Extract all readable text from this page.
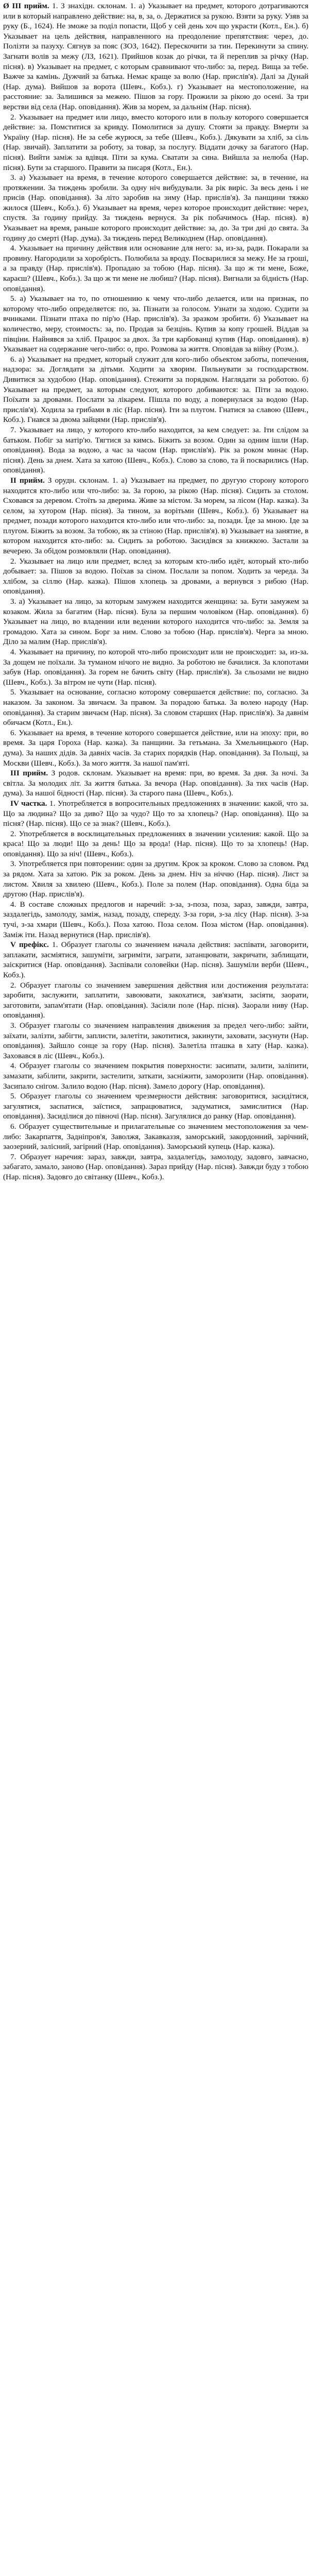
Ø III прийм. 1. З знахідн. склонам. 1. а) Указывает на предмет, которого дотрагиваются или в который направлено действие: на, в, за, о. Держатися за рукою. Взяти за руку. Узяв за руку (Б., 1624). Не зможе за поділ попасти, Щоб у сей день хоч що украсти (Котл., Ен.). б) Указывает на цель действия, направленного на преодоление препятствия: через, до. Полізти за пазуху. Сягнув за пояс (ЗОЗ, 1642). Перескочити за тин. Перекинути за спину. Загнати волів за межу (ЛЗ, 1621). Прийшов козак до річки, та й переплив за річку (Нар. пісня). в) Указывает на предмет, с которым сравнивают что-либо: за, перед. Вища за тебе. Важче за камінь. Дужчий за батька. Немає краще за волю (Нар. прислів'я). Далі за Дунай (Нар. дума). Вийшов за ворота (Шевч., Кобз.). г) Указывает на местоположение, на расстояние: за. Залишився за межею. Пішов за гору. Прожили за рікою до осені. За три верстви від села (Нар. оповідання). Жив за морем, за дальнім (Нар. пісня).

2. Указывает на предмет или лицо, вместо которого или в пользу которого совершается действие: за. Помститися за кривду. Помолитися за душу. Стояти за правду. Вмерти за Україну (Нар. пісня). Не за себе журюся, за тебе (Шевч., Кобз.). Дякувати за хліб, за сіль (Нар. звичай). Заплатити за роботу, за товар, за послугу. Віддати дочку за багатого (Нар. пісня). Вийти заміж за вдівця. Піти за кума. Сватати за сина. Вийшла за нелюба (Нар. пісня). Бути за старшого. Правити за писаря (Котл., Ен.).

3. а) Указывает на время, в течение которого совершается действие: за, в течение, на протяжении. За тиждень зробили. За одну ніч вибудували. За рік виріс. За весь день і не присів (Нар. оповідання). За літо заробив на зиму (Нар. прислів'я). За панщини тяжко жилося (Шевч., Кобз.). б) Указывает на время, через которое происходит действие: через, спустя. За годину прийду. За тиждень вернуся. За рік побачимось (Нар. пісня). в) Указывает на время, раньше которого происходит действие: за, до. За три дні до свята. За годину до смерті (Нар. дума). За тиждень перед Великоднем (Нар. оповідання).

4. Указывает на причину действия или основание для него: за, из-за, ради. Покарали за провину. Нагородили за хоробрість. Полюбила за вроду. Посварилися за межу. Не за гроші, а за правду (Нар. прислів'я). Пропадаю за тобою (Нар. пісня). За що ж ти мене, Боже, караєш? (Шевч., Кобз.). За що ж ти мене не любиш? (Нар. пісня). Вигнали за бідність (Нар. оповідання).

5. а) Указывает на то, по отношению к чему что-либо делается, или на признак, по которому что-либо определяется: по, за. Пізнати за голосом. Узнати за ходою. Судити за вчинками. Пізнати птаха по пір'ю (Нар. прислів'я). За зразком зробити. б) Указывает на количество, меру, стоимость: за, по. Продав за безцінь. Купив за копу грошей. Віддав за півціни. Найнявся за хліб. Працює за двох. За три карбованці купив (Нар. оповідання). в) Указывает на содержание чего-либо: о, про. Розмова за життя. Оповідав за війну (Розм.).

6. а) Указывает на предмет, который служит для кого-либо объектом заботы, попечения, надзора: за. Доглядати за дітьми. Ходити за хворим. Пильнувати за господарством. Дивитися за худобою (Нар. оповідання). Стежити за порядком. Наглядати за роботою. б) Указывает на предмет, за которым следуют, которого добиваются: за. Піти за водою. Поїхати за дровами. Послати за лікарем. Пішла по воду, а повернулася за водою (Нар. прислів'я). Ходила за грибами в ліс (Нар. пісня). Іти за плугом. Гнатися за славою (Шевч., Кобз.). Гнався за двома зайцями (Нар. прислів'я).

7. Указывает на лицо, у которого кто-либо находится, за кем следует: за. Іти слідом за батьком. Побіг за матір'ю. Тягтися за кимсь. Біжить за возом. Один за одним ішли (Нар. оповідання). Вода за водою, а час за часом (Нар. прислів'я). Рік за роком минає (Нар. пісня). День за днем. Хата за хатою (Шевч., Кобз.). Слово за слово, та й посварились (Нар. оповідання).

II прийм. З орудн. склонам. 1. а) Указывает на предмет, по другую сторону которого находится кто-либо или что-либо: за. За горою, за рікою (Нар. пісня). Сидить за столом. Сховався за деревом. Стоїть за дверима. Живе за містом. За морем, за лісом (Нар. казка). За селом, за хутором (Нар. пісня). За тином, за ворітьми (Шевч., Кобз.). б) Указывает на предмет, позади которого находится кто-либо или что-либо: за, позади. Їде за мною. Іде за плугом. Біжить за возом. За тобою, як за стіною (Нар. прислів'я). в) Указывает на занятие, в котором находится кто-либо: за. Сидить за роботою. Засидівся за книжкою. Застали за вечерею. За обідом розмовляли (Нар. оповідання).

2. Указывает на лицо или предмет, вслед за которым кто-либо идёт, который кто-либо добывает: за. Пішов за водою. Поїхав за сіном. Послали за попом. Ходить за череда. За хлібом, за сіллю (Нар. казка). Пішов хлопець за дровами, а вернувся з рибою (Нар. оповідання).

3. а) Указывает на лицо, за которым замужем находится женщина: за. Бути замужем за козаком. Жила за багатим (Нар. пісня). Була за першим чоловіком (Нар. оповідання). б) Указывает на лицо, во владении или ведении которого находится что-либо: за. Земля за громадою. Хата за сином. Борг за ним. Слово за тобою (Нар. прислів'я). Черга за мною. Діло за малим (Нар. прислів'я).

4. Указывает на причину, по которой что-либо происходит или не происходит: за, из-за. За дощем не поїхали. За туманом нічого не видно. За роботою не бачилися. За клопотами забув (Нар. оповідання). За горем не бачить світу (Нар. прислів'я). За сльозами не видно (Шевч., Кобз.). За вітром не чути (Нар. пісня).

5. Указывает на основание, согласно которому совершается действие: по, согласно. За наказом. За законом. За звичаєм. За правом. За порадою батька. За волею народу (Нар. оповідання). За старим звичаєм (Нар. пісня). За словом старших (Нар. прислів'я). За давнім обичаєм (Котл., Ен.).

6. Указывает на время, в течение которого совершается действие, или на эпоху: при, во время. За царя Гороха (Нар. казка). За панщини. За гетьмана. За Хмельницького (Нар. дума). За наших дідів. За давніх часів. За старих порядків (Нар. оповідання). За Польщі, за Москви (Шевч., Кобз.). За мого життя. За нашої пам'яті.

III прийм. З родов. склонам. Указывает на время: при, во время. За дня. За ночі. За світла. За молодих літ. За життя батька. За вечора (Нар. оповідання). За тих часів (Нар. дума). За нашої бідності (Нар. пісня). За старого пана (Шевч., Кобз.).

IV частка. 1. Употребляется в вопросительных предложениях в значении: какой, что за. Що за людина? Що за диво? Що за чудо? Що то за хлопець? (Нар. оповідання). Що за пісня? (Нар. пісня). Що се за знак? (Шевч., Кобз.).

2. Употребляется в восклицательных предложениях в значении усиления: какой. Що за краса! Що за люди! Що за день! Що за врода! (Нар. пісня). Що то за хлопець! (Нар. оповідання). Що за ніч! (Шевч., Кобз.).

3. Употребляется при повторении: один за другим. Крок за кроком. Слово за словом. Ряд за рядом. Хата за хатою. Рік за роком. День за днем. Ніч за ніччю (Нар. пісня). Лист за листом. Хвиля за хвилею (Шевч., Кобз.). Поле за полем (Нар. оповідання). Одна біда за другою (Нар. прислів'я).

4. В составе сложных предлогов и наречий: з-за, з-поза, поза, зараз, завжди, завтра, заздалегідь, замолоду, заміж, назад, позаду, спереду. З-за гори, з-за лісу (Нар. пісня). З-за тучі, з-за хмари (Шевч., Кобз.). Поза хатою. Поза селом. Поза містом (Нар. оповідання). Заміж іти. Назад вернутися (Нар. прислів'я).

V префікс. 1. Образует глаголы со значением начала действия: заспівати, заговорити, заплакати, засміятися, зашуміти, загриміти, заграти, затанцювати, закричати, заблищати, заіскритися (Нар. оповідання). Заспівали соловейки (Нар. пісня). Зашуміли верби (Шевч., Кобз.).

2. Образует глаголы со значением завершения действия или достижения результата: заробити, заслужити, заплатити, завоювати, закохатися, зав'язати, засіяти, заорати, заготовити, запам'ятати (Нар. оповідання). Засіяли поле (Нар. пісня). Заорали ниву (Нар. оповідання).

3. Образует глаголы со значением направления движения за предел чего-либо: зайти, заїхати, залізти, забігти, заплисти, залетіти, закотитися, закинути, заховати, засунути (Нар. оповідання). Зайшло сонце за гору (Нар. пісня). Залетіла пташка в хату (Нар. казка). Заховався в ліс (Шевч., Кобз.).

4. Образует глаголы со значением покрытия поверхности: засипати, залити, заліпити, замазати, забілити, закрити, застелити, заткати, засніжити, заморозити (Нар. оповідання). Засипало снігом. Залило водою (Нар. пісня). Замело дорогу (Нар. оповідання).

5. Образует глаголы со значением чрезмерности действия: заговоритися, засидітися, загулятися, заспатися, заїстися, запрацюватися, задуматися, замислитися (Нар. оповідання). Засиділися до півночі (Нар. пісня). Загулялися до ранку (Нар. оповідання).

6. Образует существительные и прилагательные со значением местоположения за чем-либо: Закарпаття, Задніпров'я, Заволжя, Закавказзя, заморський, закордонний, зарічний, заозерний, залісний, загірний (Нар. оповідання). Заморський купець (Нар. казка).

7. Образует наречия: зараз, завжди, завтра, заздалегідь, замолоду, задовго, завчасно, забагато, замало, заново (Нар. оповідання). Зараз прийду (Нар. пісня). Завжди буду з тобою (Нар. пісня). Задовго до світанку (Шевч., Кобз.).
